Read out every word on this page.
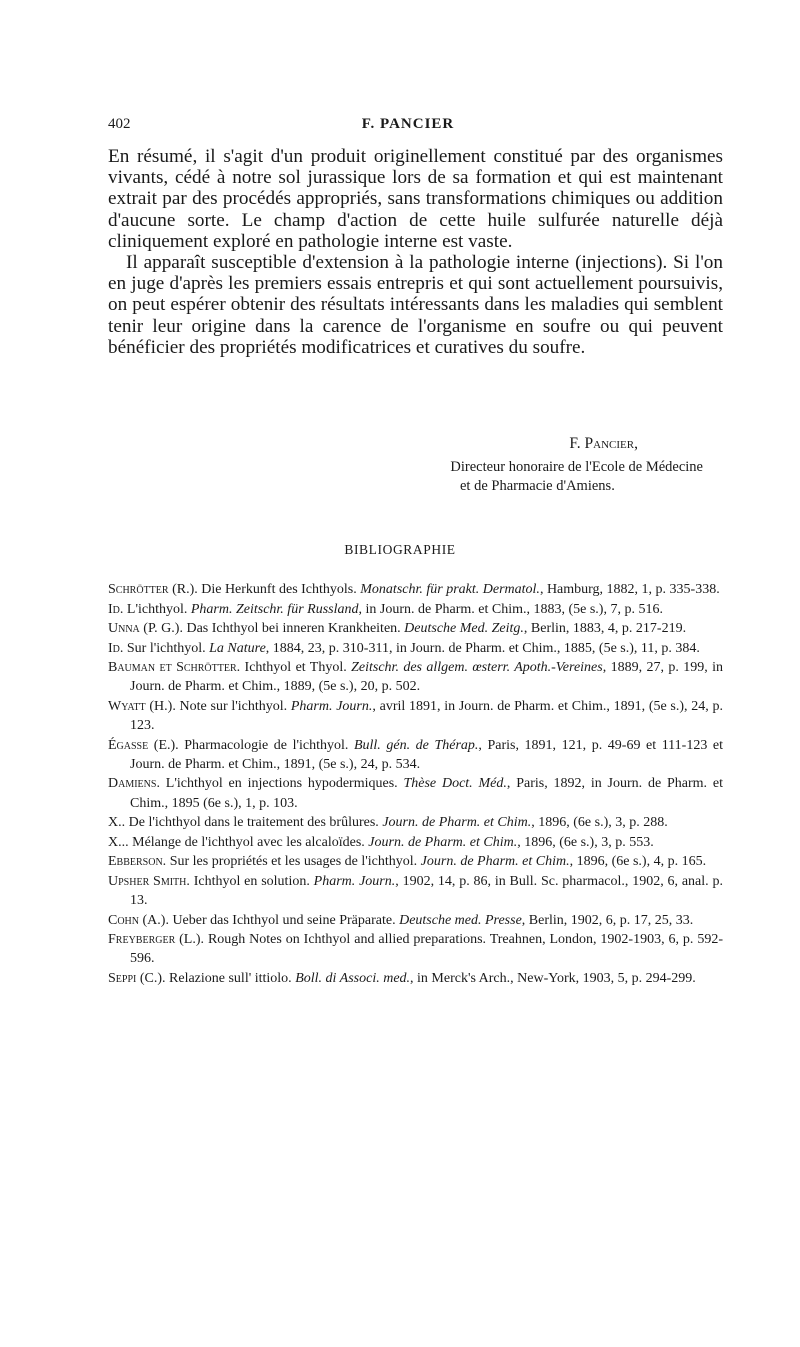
402	F. PANCIER

En résumé, il s'agit d'un produit originellement constitué par des organismes vivants, cédé à notre sol jurassique lors de sa formation et qui est maintenant extrait par des procédés appropriés, sans transformations chimiques ou addition d'aucune sorte. Le champ d'action de cette huile sulfurée naturelle déjà cliniquement exploré en pathologie interne est vaste.

Il apparaît susceptible d'extension à la pathologie interne (injections). Si l'on en juge d'après les premiers essais entrepris et qui sont actuellement poursuivis, on peut espérer obtenir des résultats intéressants dans les maladies qui semblent tenir leur origine dans la carence de l'organisme en soufre ou qui peuvent bénéficier des propriétés modificatrices et curatives du soufre.

F. Pancier,
Directeur honoraire de l'Ecole de Médecine
et de Pharmacie d'Amiens.
BIBLIOGRAPHIE

Schrötter (R.). Die Herkunft des Ichthyols. Monatschr. für prakt. Dermatol., Hamburg, 1882, 1, p. 335-338.

Id. L'ichthyol. Pharm. Zeitschr. für Russland, in Journ. de Pharm. et Chim., 1883, (5e s.), 7, p. 516.

Unna (P. G.). Das Ichthyol bei inneren Krankheiten. Deutsche Med. Zeitg., Berlin, 1883, 4, p. 217-219.

Id. Sur l'ichthyol. La Nature, 1884, 23, p. 310-311, in Journ. de Pharm. et Chim., 1885, (5e s.), 11, p. 384.

Bauman et Schrötter. Ichthyol et Thyol. Zeitschr. des allgem. œsterr. Apoth.-Vereines, 1889, 27, p. 199, in Journ. de Pharm. et Chim., 1889, (5e s.), 20, p. 502.

Wyatt (H.). Note sur l'ichthyol. Pharm. Journ., avril 1891, in Journ. de Pharm. et Chim., 1891, (5e s.), 24, p. 123.

Égasse (E.). Pharmacologie de l'ichthyol. Bull. gén. de Thérap., Paris, 1891, 121, p. 49-69 et 111-123 et Journ. de Pharm. et Chim., 1891, (5e s.), 24, p. 534.

Damiens. L'ichthyol en injections hypodermiques. Thèse Doct. Méd., Paris, 1892, in Journ. de Pharm. et Chim., 1895 (6e s.), 1, p. 103.

X.. De l'ichthyol dans le traitement des brûlures. Journ. de Pharm. et Chim., 1896, (6e s.), 3, p. 288.

X... Mélange de l'ichthyol avec les alcaloïdes. Journ. de Pharm. et Chim., 1896, (6e s.), 3, p. 553.

Ebberson. Sur les propriétés et les usages de l'ichthyol. Journ. de Pharm. et Chim., 1896, (6e s.), 4, p. 165.

Upsher Smith. Ichthyol en solution. Pharm. Journ., 1902, 14, p. 86, in Bull. Sc. pharmacol., 1902, 6, anal. p. 13.

Cohn (A.). Ueber das Ichthyol und seine Präparate. Deutsche med. Presse, Berlin, 1902, 6, p. 17, 25, 33.

Freyberger (L.). Rough Notes on Ichthyol and allied preparations. Treahnen, London, 1902-1903, 6, p. 592-596.

Seppi (C.). Relazione sull' ittiolo. Boll. di Associ. med., in Merck's Arch., New-York, 1903, 5, p. 294-299.
